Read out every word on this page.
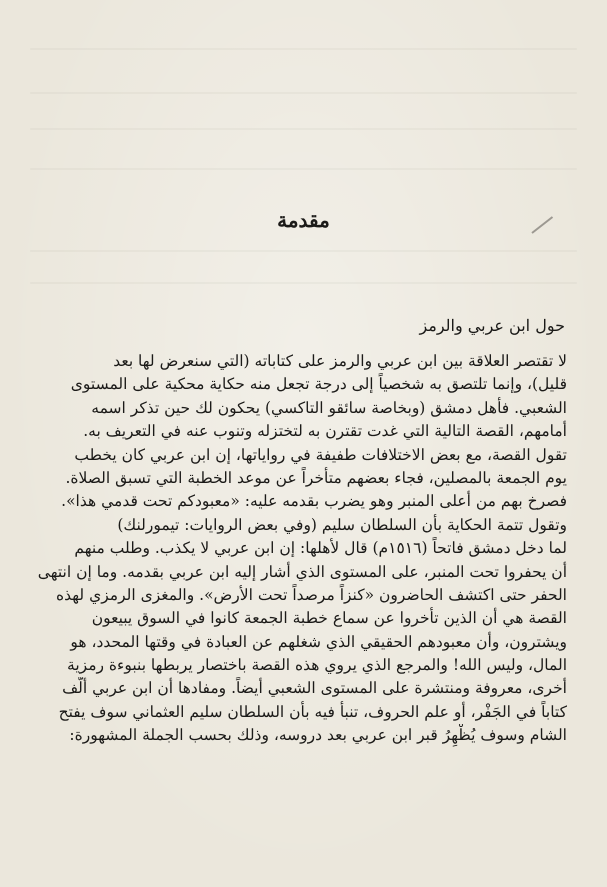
مقدمة
حول ابن عربي والرمز
لا تقتصر العلاقة بين ابن عربي والرمز على كتاباته (التي سنعرض لها بعد
قليل)، وإنما تلتصق به شخصياً إلى درجة تجعل منه حكاية محكية على المستوى
الشعبي. فأهل دمشق (وبخاصة سائقو التاكسي) يحكون لك حين تذكر اسمه
أمامهم، القصة التالية التي غدت تقترن به لتختزله وتنوب عنه في التعريف به.
تقول القصة، مع بعض الاختلافات طفيفة في رواياتها، إن ابن عربي كان يخطب
يوم الجمعة بالمصلين، فجاء بعضهم متأخراً عن موعد الخطبة التي تسبق الصلاة.
فصرخ بهم من أعلى المنبر وهو يضرب بقدمه عليه: «معبودكم تحت قدمي هذا».
وتقول تتمة الحكاية بأن السلطان سليم (وفي بعض الروايات: تيمورلنك)
لما دخل دمشق فاتحاً (١٥١٦م) قال لأهلها: إن ابن عربي لا يكذب. وطلب منهم
أن يحفروا تحت المنبر، على المستوى الذي أشار إليه ابن عربي بقدمه. وما إن انتهى
الحفر حتى اكتشف الحاضرون «كنزاً مرصداً تحت الأرض». والمغزى الرمزي لهذه
القصة هي أن الذين تأخروا عن سماع خطبة الجمعة كانوا في السوق يبيعون
ويشترون، وأن معبودهم الحقيقي الذي شغلهم عن العبادة في وقتها المحدد، هو
المال، وليس الله! والمرجع الذي يروي هذه القصة باختصار يربطها بنبوءة رمزية
أخرى، معروفة ومنتشرة على المستوى الشعبي أيضاً. ومفادها أن ابن عربي ألّف
كتاباً في الجَفْر، أو علم الحروف، تنبأ فيه بأن السلطان سليم العثماني سوف يفتح
الشام وسوف يُظْهِرُ قبر ابن عربي بعد دروسه، وذلك بحسب الجملة المشهورة:
